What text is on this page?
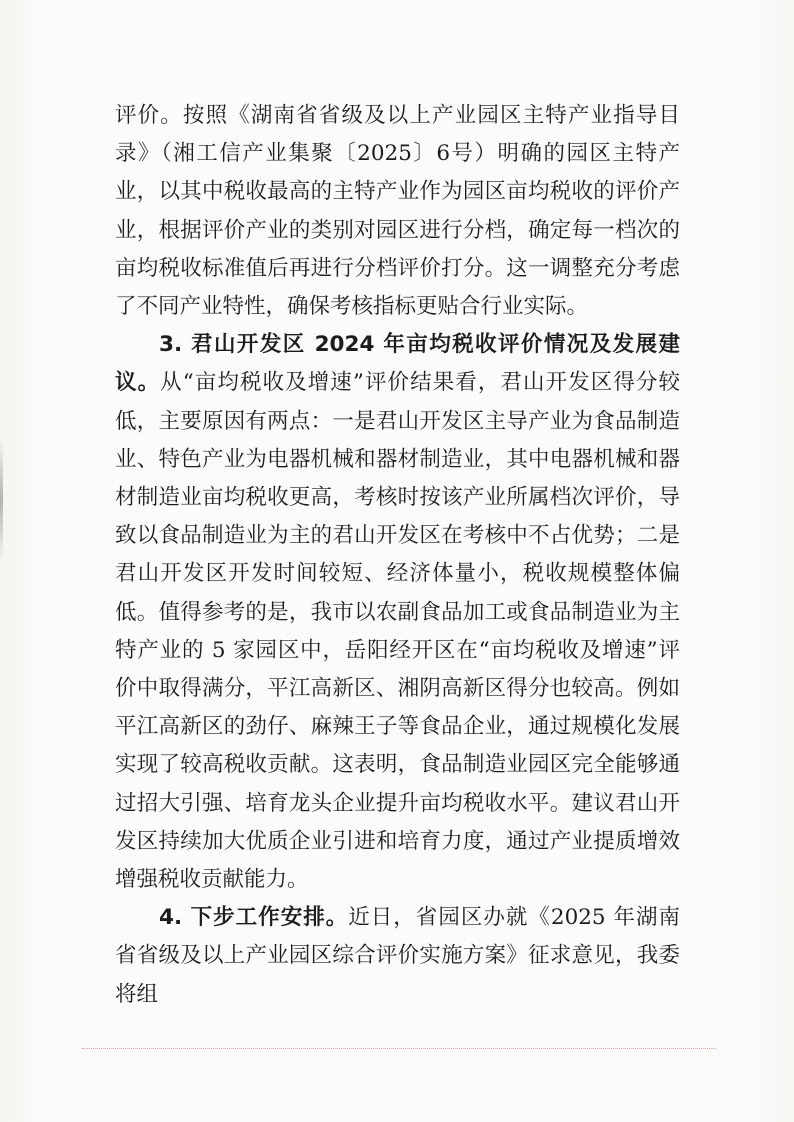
评价。按照《湖南省省级及以上产业园区主特产业指导目录》（湘工信产业集聚〔2025〕6号）明确的园区主特产业，以其中税收最高的主特产业作为园区亩均税收的评价产业，根据评价产业的类别对园区进行分档，确定每一档次的亩均税收标准值后再进行分档评价打分。这一调整充分考虑了不同产业特性，确保考核指标更贴合行业实际。

3. 君山开发区 2024 年亩均税收评价情况及发展建议。从“亩均税收及增速”评价结果看，君山开发区得分较低，主要原因有两点：一是君山开发区主导产业为食品制造业、特色产业为电器机械和器材制造业，其中电器机械和器材制造业亩均税收更高，考核时按该产业所属档次评价，导致以食品制造业为主的君山开发区在考核中不占优势；二是君山开发区开发时间较短、经济体量小，税收规模整体偏低。值得参考的是，我市以农副食品加工或食品制造业为主特产业的 5 家园区中，岳阳经开区在“亩均税收及增速”评价中取得满分，平江高新区、湘阴高新区得分也较高。例如平江高新区的劲仔、麻辣王子等食品企业，通过规模化发展实现了较高税收贡献。这表明，食品制造业园区完全能够通过招大引强、培育龙头企业提升亩均税收水平。建议君山开发区持续加大优质企业引进和培育力度，通过产业提质增效增强税收贡献能力。

4. 下步工作安排。近日，省园区办就《2025 年湖南省省级及以上产业园区综合评价实施方案》征求意见，我委将组
